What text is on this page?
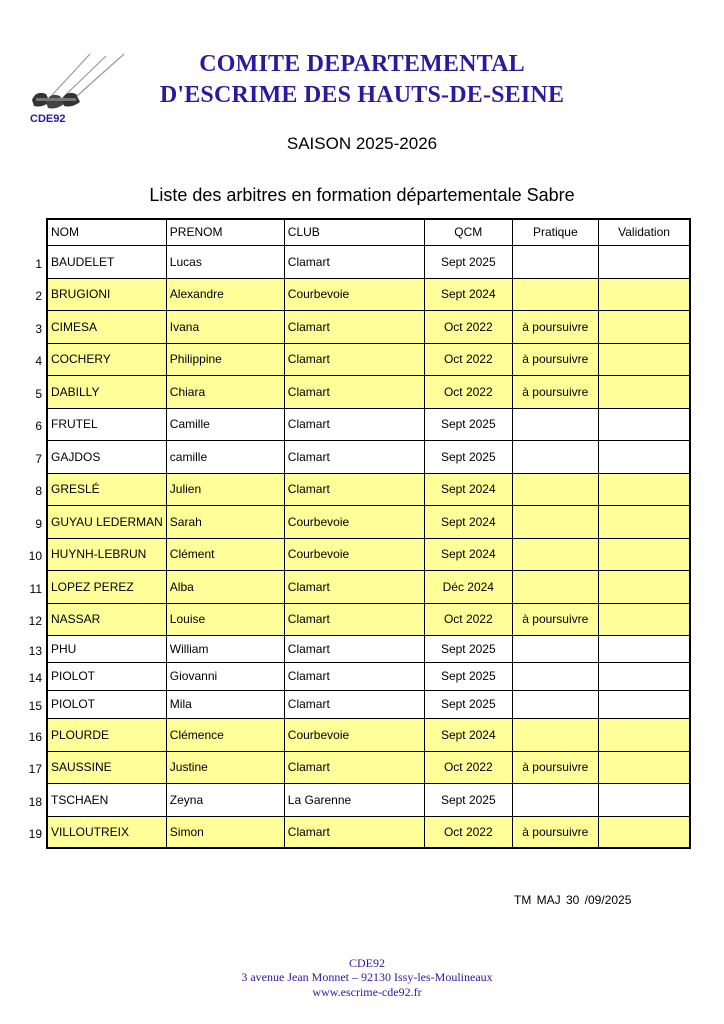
CDE92
COMITE DEPARTEMENTAL
D'ESCRIME DES HAUTS-DE-SEINE
SAISON 2025-2026
Liste des arbitres en formation départementale Sabre
1
2
3
4
5
6
7
8
9
10
11
12
13
14
15
16
17
18
19
NOM	PRENOM	CLUB	QCM	Pratique	Validation
BAUDELET	Lucas	Clamart	Sept 2025		
BRUGIONI	Alexandre	Courbevoie	Sept 2024		
CIMESA	Ivana	Clamart	Oct 2022	à poursuivre	
COCHERY	Philippine	Clamart	Oct 2022	à poursuivre	
DABILLY	Chiara	Clamart	Oct 2022	à poursuivre	
FRUTEL	Camille	Clamart	Sept 2025		
GAJDOS	camille	Clamart	Sept 2025		
GRESLÉ	Julien	Clamart	Sept 2024		
GUYAU LEDERMAN	Sarah	Courbevoie	Sept 2024		
HUYNH-LEBRUN	Clément	Courbevoie	Sept 2024		
LOPEZ PEREZ	Alba	Clamart	Déc 2024		
NASSAR	Louise	Clamart	Oct 2022	à poursuivre	
PHU	William	Clamart	Sept 2025		
PIOLOT	Giovanni	Clamart	Sept 2025		
PIOLOT	Mila	Clamart	Sept 2025		
PLOURDE	Clémence	Courbevoie	Sept 2024		
SAUSSINE	Justine	Clamart	Oct 2022	à poursuivre	
TSCHAEN	Zeyna	La Garenne	Sept 2025		
VILLOUTREIX	Simon	Clamart	Oct 2022	à poursuivre	
TM MAJ 30 /09/2025
CDE92
3 avenue Jean Monnet – 92130 Issy-les-Moulineaux
www.escrime-cde92.fr
